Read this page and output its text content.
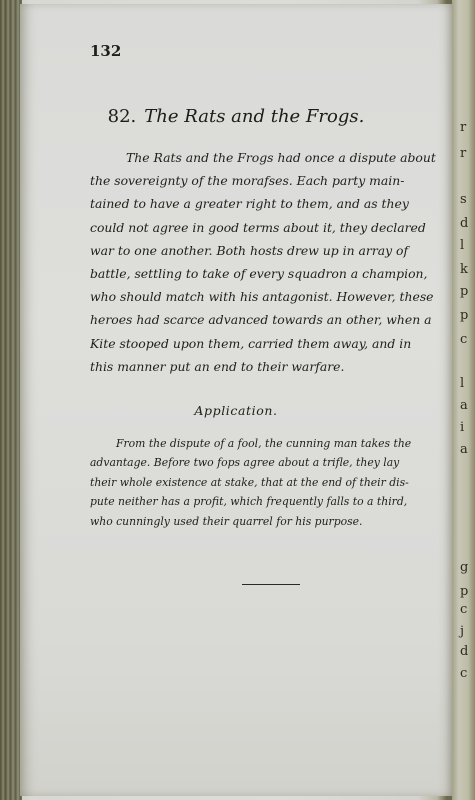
132
82. The Rats and the Frogs.
The Rats and the Frogs had once a dispute about
the sovereignty of the morafses. Each party main-
tained to have a greater right to them, and as they
could not agree in good terms about it, they declared
war to one another. Both hosts drew up in array of
battle, settling to take of every squadron a champion,
who should match with his antagonist. However, these
heroes had scarce advanced towards an other, when a
Kite stooped upon them, carried them away, and in
this manner put an end to their warfare.
Application.
From the dispute of a fool, the cunning man takes the
advantage. Before two fops agree about a trifle, they lay
their whole existence at stake, that at the end of their dis-
pute neither has a profit, which frequently falls to a third,
who cunningly used their quarrel for his purpose.
r
r
s
d
l
k
p
p
c
l
a
i
a
g
p
c
j
d
c
